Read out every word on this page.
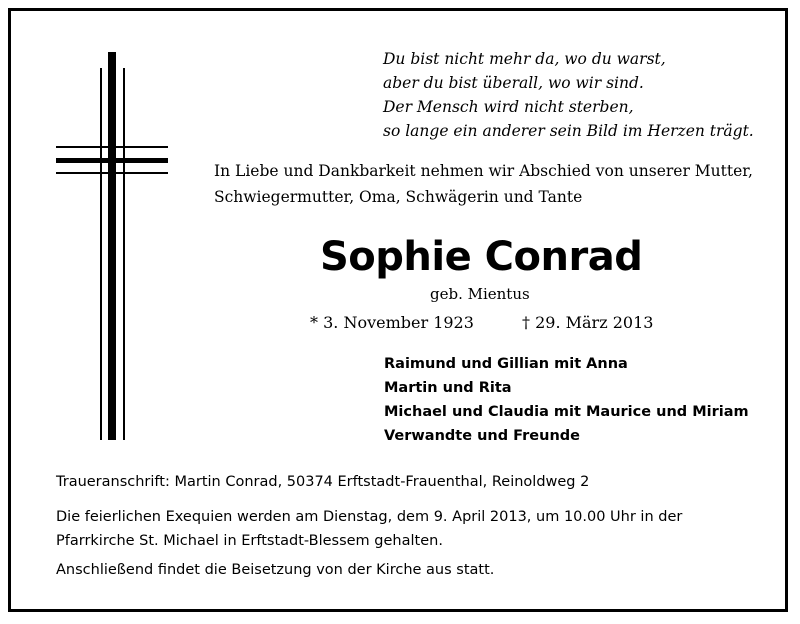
Du bist nicht mehr da, wo du warst,
aber du bist überall, wo wir sind.
Der Mensch wird nicht sterben,
so lange ein anderer sein Bild im Herzen trägt.
In Liebe und Dankbarkeit nehmen wir Abschied von unserer Mutter,
Schwiegermutter, Oma, Schwägerin und Tante
Sophie Conrad
geb. Mientus
* 3. November 1923	† 29. März 2013
Raimund und Gillian mit Anna
Martin und Rita
Michael und Claudia mit Maurice und Miriam
Verwandte und Freunde
Traueranschrift: Martin Conrad, 50374 Erftstadt-Frauenthal, Reinoldweg 2
Die feierlichen Exequien werden am Dienstag, dem 9. April 2013, um 10.00 Uhr in der
Pfarrkirche St. Michael in Erftstadt-Blessem gehalten.
Anschließend findet die Beisetzung von der Kirche aus statt.
